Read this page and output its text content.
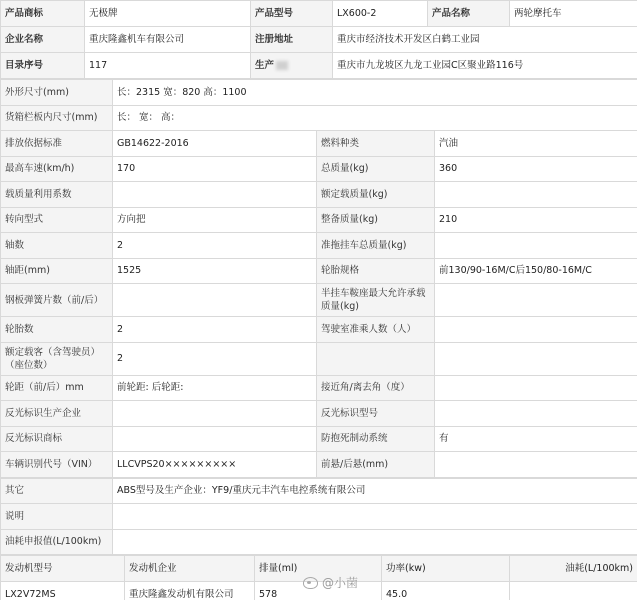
产品商标	无极牌	产品型号	LX600-2	产品名称	两轮摩托车
企业名称	重庆隆鑫机车有限公司	注册地址	重庆市经济技术开发区白鹤工业园		
目录序号	117	生产	重庆市九龙坡区九龙工业园C区聚业路116号		
外形尺寸(mm)	长：2315 宽：820 高：1100		
货箱栏板内尺寸(mm)	长： 宽： 高：		
排放依据标准	GB14622-2016	燃料种类	汽油
最高车速(km/h)	170	总质量(kg)	360
载质量利用系数		额定载质量(kg)	
转向型式	方向把	整备质量(kg)	210
轴数	2	准拖挂车总质量(kg)	
轴距(mm)	1525	轮胎规格	前130/90-16M/C后150/80-16M/C
钢板弹簧片数（前/后）		半挂车鞍座最大允许承载质量(kg)	
轮胎数	2	驾驶室准乘人数（人）	
额定载客（含驾驶员）（座位数）	2		
轮距（前/后）mm	前轮距: 后轮距:	接近角/离去角（度）	
反光标识生产企业		反光标识型号	
反光标识商标		防抱死制动系统	有
车辆识别代号（VIN）	LLCVPS20×××××××××	前悬/后悬(mm)	
其它	ABS型号及生产企业：YF9/重庆元丰汽车电控系统有限公司
说明	
油耗申报值(L/100km)	
发动机型号	发动机企业	排量(ml)	功率(kw)	油耗(L/100km)
LX2V72MS	重庆隆鑫发动机有限公司	578	45.0	
@小菌
